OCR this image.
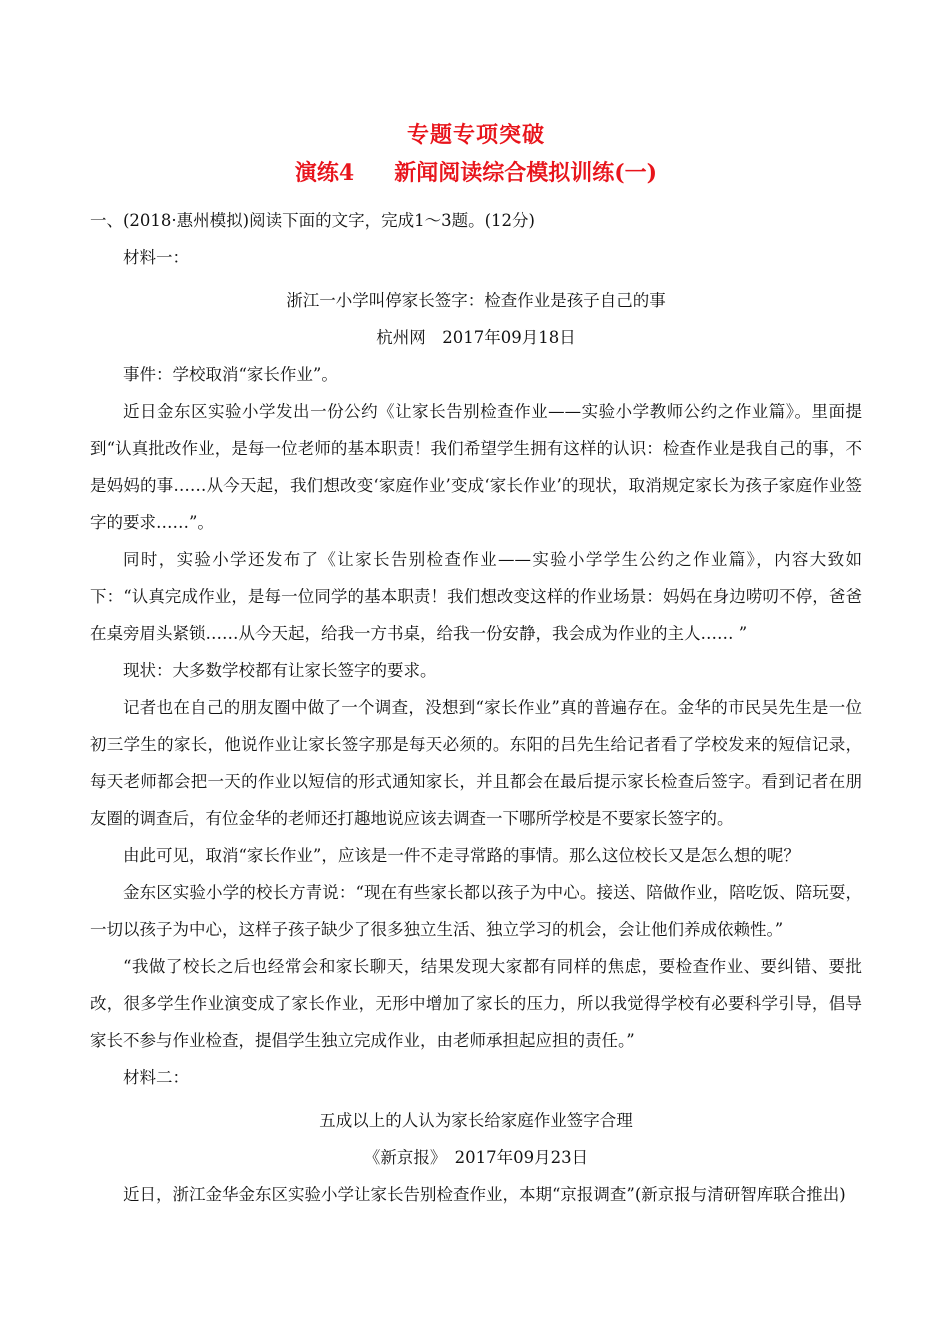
专题专项突破
演练4 新闻阅读综合模拟训练(一)

一、(2018·惠州模拟)阅读下面的文字，完成1～3题。(12分)

材料一：

浙江一小学叫停家长签字：检查作业是孩子自己的事

杭州网　2017年09月18日

事件：学校取消“家长作业”。

近日金东区实验小学发出一份公约《让家长告别检查作业——实验小学教师公约之作业篇》。里面提到“认真批改作业，是每一位老师的基本职责！我们希望学生拥有这样的认识：检查作业是我自己的事，不是妈妈的事……从今天起，我们想改变‘家庭作业’变成‘家长作业’的现状，取消规定家长为孩子家庭作业签字的要求……”。

同时，实验小学还发布了《让家长告别检查作业——实验小学学生公约之作业篇》，内容大致如下：“认真完成作业，是每一位同学的基本职责！我们想改变这样的作业场景：妈妈在身边唠叨不停，爸爸在桌旁眉头紧锁……从今天起，给我一方书桌，给我一份安静，我会成为作业的主人…… ”

现状：大多数学校都有让家长签字的要求。

记者也在自己的朋友圈中做了一个调查，没想到“家长作业”真的普遍存在。金华的市民吴先生是一位初三学生的家长，他说作业让家长签字那是每天必须的。东阳的吕先生给记者看了学校发来的短信记录，每天老师都会把一天的作业以短信的形式通知家长，并且都会在最后提示家长检查后签字。看到记者在朋友圈的调查后，有位金华的老师还打趣地说应该去调查一下哪所学校是不要家长签字的。

由此可见，取消“家长作业”，应该是一件不走寻常路的事情。那么这位校长又是怎么想的呢？

金东区实验小学的校长方青说：“现在有些家长都以孩子为中心。接送、陪做作业，陪吃饭、陪玩耍，一切以孩子为中心，这样子孩子缺少了很多独立生活、独立学习的机会，会让他们养成依赖性。”

“我做了校长之后也经常会和家长聊天，结果发现大家都有同样的焦虑，要检查作业、要纠错、要批改，很多学生作业演变成了家长作业，无形中增加了家长的压力，所以我觉得学校有必要科学引导，倡导家长不参与作业检查，提倡学生独立完成作业，由老师承担起应担的责任。”

材料二：

五成以上的人认为家长给家庭作业签字合理

《新京报》　2017年09月23日

近日，浙江金华金东区实验小学让家长告别检查作业，本期“京报调查”(新京报与清研智库联合推出)
